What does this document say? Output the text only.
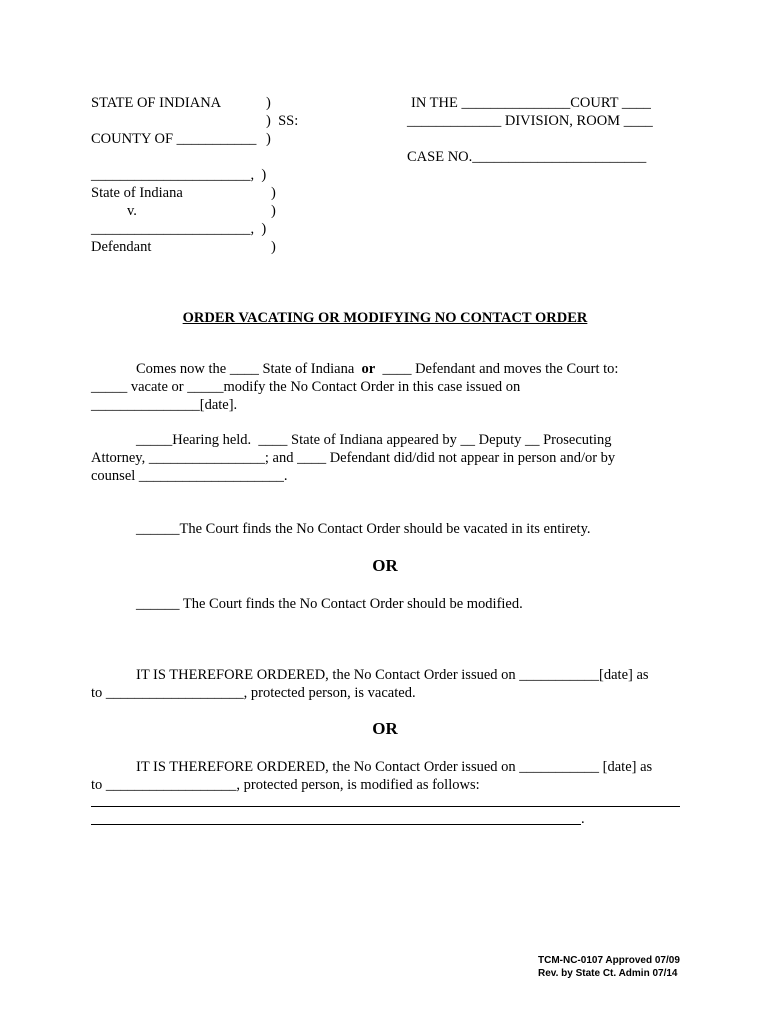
STATE OF INDIANA	)
)  SS:
COUNTY OF ___________ )
IN THE _______________COURT ____
_____________ DIVISION, ROOM ____
CASE NO.________________________
______________________,  )
State of Indiana	)
v.	)
______________________,  )
Defendant	)
ORDER VACATING OR MODIFYING NO CONTACT ORDER
Comes now the ____ State of Indiana  or  ____ Defendant and moves the Court to:
_____ vacate or _____modify the No Contact Order in this case issued on
_______________[date].
_____Hearing held.  ____ State of Indiana appeared by __ Deputy __ Prosecuting
Attorney, ________________; and ____ Defendant did/did not appear in person and/or by
counsel ____________________.
______The Court finds the No Contact Order should be vacated in its entirety.
OR
______ The Court finds the No Contact Order should be modified.
IT IS THEREFORE ORDERED, the No Contact Order issued on ___________[date] as
to ___________________, protected person, is vacated.
OR
IT IS THEREFORE ORDERED, the No Contact Order issued on ___________ [date] as
to __________________, protected person, is modified as follows:
.
TCM-NC-0107 Approved 07/09
Rev. by State Ct. Admin 07/14
